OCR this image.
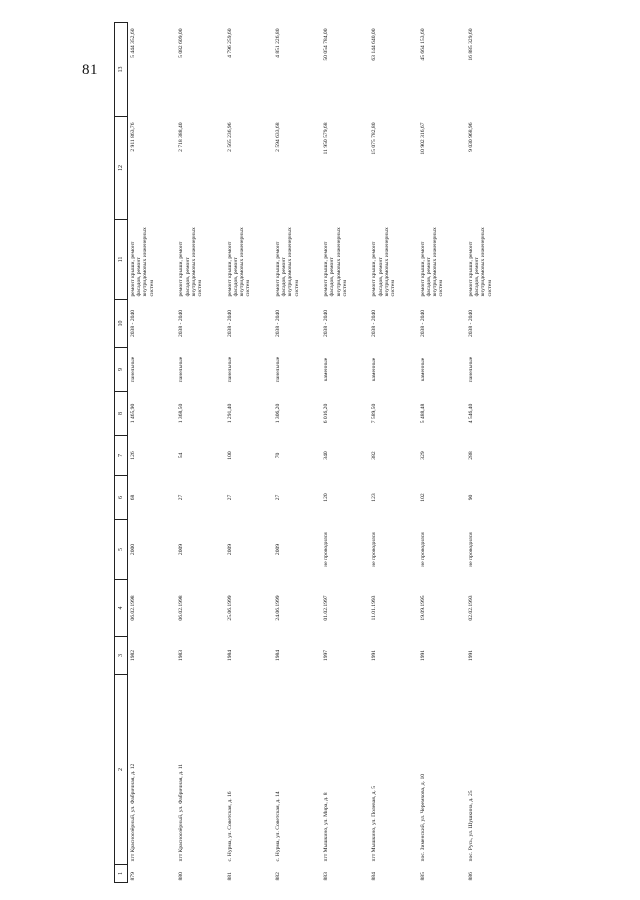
81
1	2	3	4	5	6	7	8	9	10	11	12	13
879	пгт Красноозёрный, ул. Фабричная, д. 12	1982	06.02.1998	2000	68	126	1 465,90	панельные	2038 - 2040	ремонт крыши, ремонт фасадов, ремонт внутридомовых инженерных систем	2 911 863,76	5 444 352,60
880	пгт Красноозёрный, ул. Фабричная, д. 11	1983	06.02.1998	2009	27	54	1 368,50	панельные	2038 - 2040	ремонт крыши, ремонт фасадов, ремонт внутридомовых инженерных систем	2 718 388,40	5 082 609,00
881	с. Нурма, ул. Советская, д. 16	1984	25.06.1999	2009	27	100	1 291,40	панельные	2038 - 2040	ремонт крыши, ремонт фасадов, ремонт внутридомовых инженерных систем	2 565 236,96	4 796 259,60
882	с. Нурма, ул. Советская, д. 14	1984	24.06.1999	2009	27	70	1 306,20	панельные	2038 - 2040	ремонт крыши, ремонт фасадов, ремонт внутридомовых инженерных систем	2 594 633,68	4 851 226,80
883	пгт Мышкино, ул. Мира, д. 8	1997	01.02.1997	не проводился	120	340	6 016,20	каменные	2038 - 2040	ремонт крыши, ремонт фасадов, ремонт внутридомовых инженерных систем	11 950 579,68	50 054 784,00
884	пгт Мышкино, ул. Полевая, д. 5	1991	11.01.1993	не проводился	123	382	7 589,50	каменные	2038 - 2040	ремонт крыши, ремонт фасадов, ремонт внутридомовых инженерных систем	15 075 782,80	63 144 640,00
885	пос. Зименский, ул. Черемхова, д. 10	1991	19.09.1995	не проводился	102	329	5 488,48	каменные	2038 - 2040	ремонт крыши, ремонт фасадов, ремонт внутридомовых инженерных систем	10 902 316,67	45 664 153,60
886	пос. Русь, ул. Шушкина, д. 25	1991	02.02.1993	не проводился	90	288	4 546,40	панельные	2038 - 2040	ремонт крыши, ремонт фасадов, ремонт внутридомовых инженерных систем	9 030 968,96	16 885 329,60
